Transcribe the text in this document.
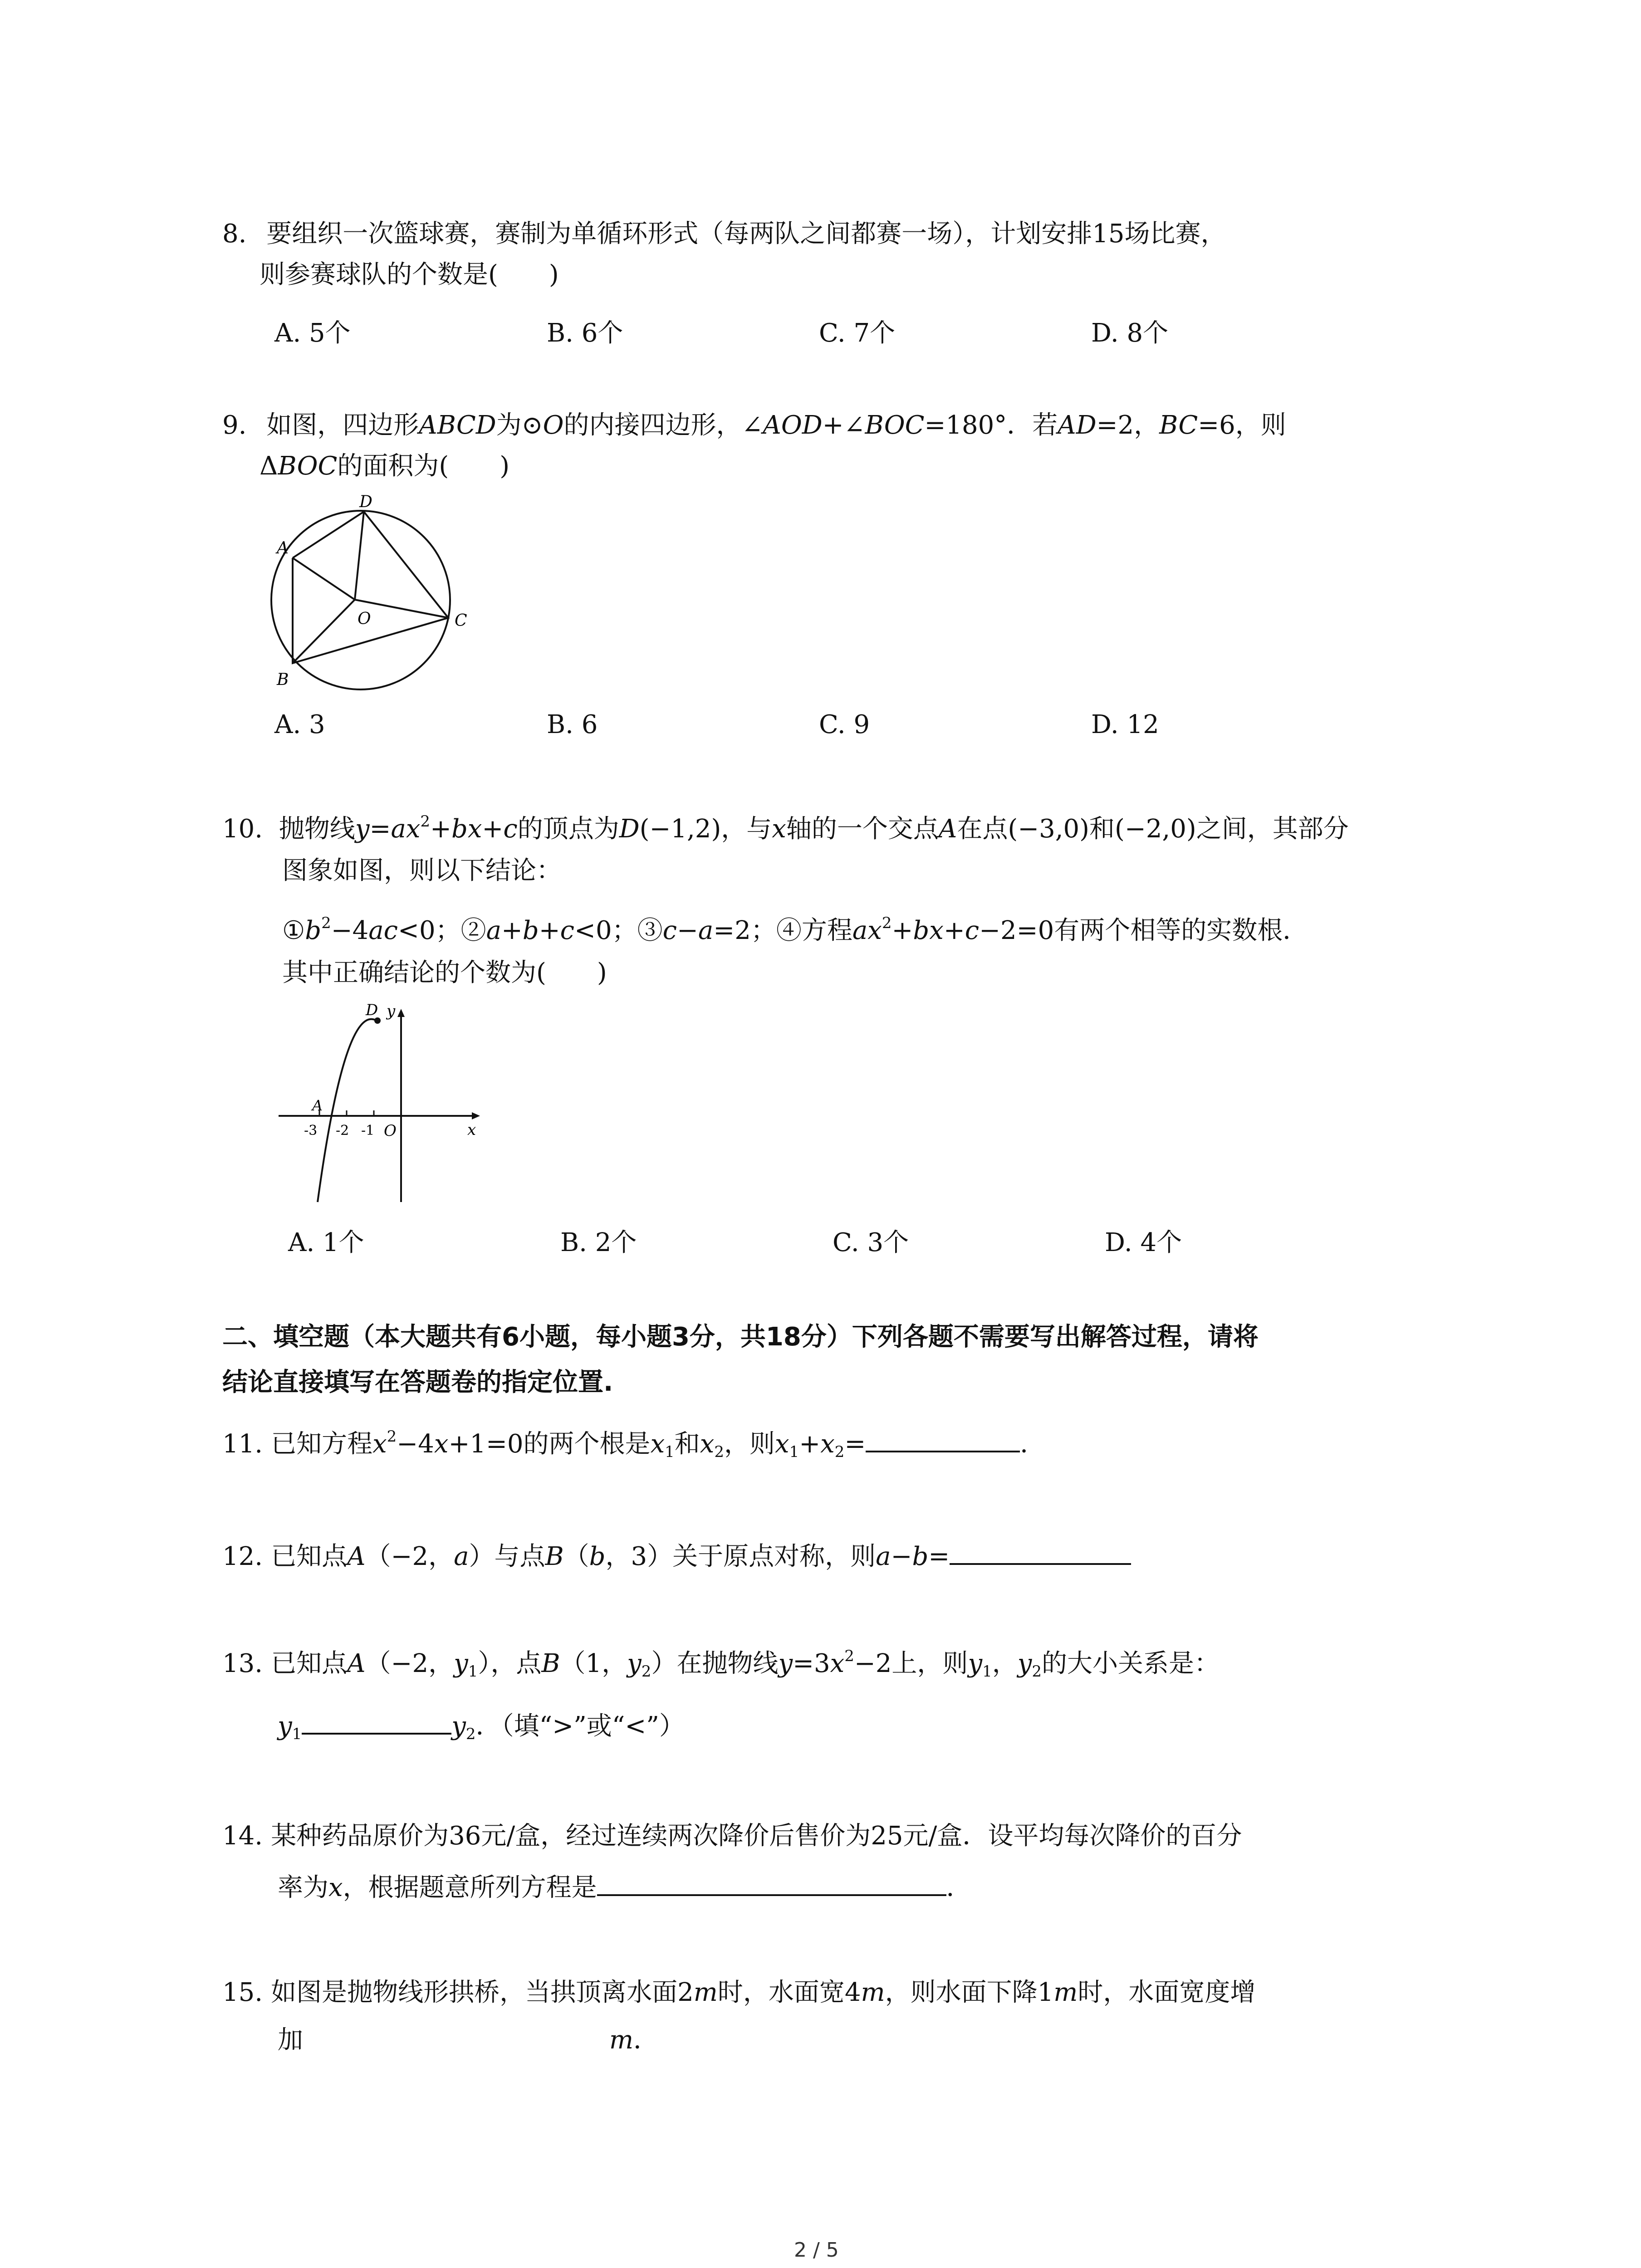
8. 要组织一次篮球赛，赛制为单循环形式（每两队之间都赛一场），计划安排15场比赛，
则参赛球队的个数是(　　)
A. 5个	B. 6个	C. 7个	D. 8个
9. 如图，四边形ABCD为⊙O的内接四边形，∠AOD+∠BOC=180°．若AD=2，BC=6，则
ΔBOC的面积为(　　)
A
D
C
B
O
A. 3	B. 6	C. 9	D. 12
10. 抛物线$y=ax^2+bx+c$的顶点为D(−1,2)，与x轴的一个交点A在点(−3,0)和(−2,0)之间，其部分
图象如图，则以下结论：
$①b^2-4ac<0$；②a+b+c<0；③c−a=2；④方程$ax^2+bx+c-2=0$有两个相等的实数根．
其中正确结论的个数为(　　)
D y
x
A
O
-3 -2 -1
A. 1个	B. 2个	C. 3个	D. 4个
二、填空题（本大题共有6小题，每小题3分，共18分）下列各题不需要写出解答过程，请将
结论直接填写在答题卷的指定位置.
11. 已知方程$x^2-4x+1=0$的两个根是$x_1$和$x_2$，则$x_1+x_2=$	．
12. 已知点A（−2，a）与点B（b，3）关于原点对称，则a−b=
13. 已知点A（−2，$y_1$），点B（1，$y_2$）在抛物线$y=3x^2-2$上，则$y_1$，$y_2$的大小关系是：
$y_1$	$y_2$．（填“>”或“<”）
14. 某种药品原价为36元/盒，经过连续两次降价后售价为25元/盒．设平均每次降价的百分
率为x，根据题意所列方程是	．
15. 如图是抛物线形拱桥，当拱顶离水面2m时，水面宽4m，则水面下降1m时，水面宽度增
加	m．
2 / 5
